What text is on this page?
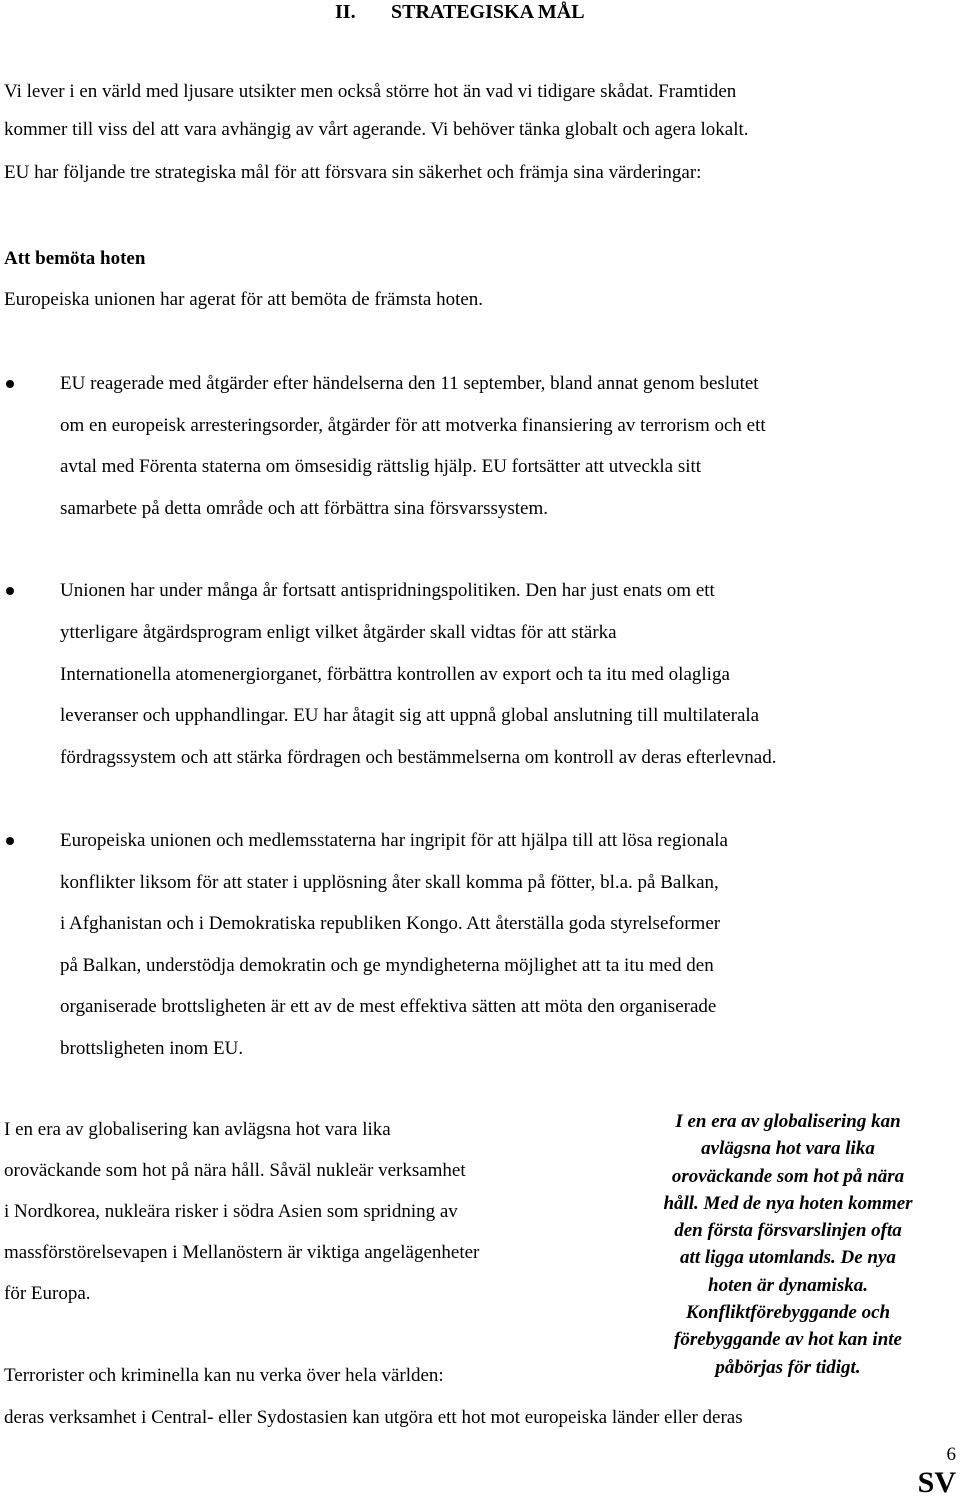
II. STRATEGISKA MÅL
Vi lever i en värld med ljusare utsikter men också större hot än vad vi tidigare skådat. Framtiden
kommer till viss del att vara avhängig av vårt agerande. Vi behöver tänka globalt och agera lokalt.
EU har följande tre strategiska mål för att försvara sin säkerhet och främja sina värderingar:
Att bemöta hoten
Europeiska unionen har agerat för att bemöta de främsta hoten.
EU reagerade med åtgärder efter händelserna den 11 september, bland annat genom beslutet
om en europeisk arresteringsorder, åtgärder för att motverka finansiering av terrorism och ett
avtal med Förenta staterna om ömsesidig rättslig hjälp. EU fortsätter att utveckla sitt
samarbete på detta område och att förbättra sina försvarssystem.
Unionen har under många år fortsatt antispridningspolitiken. Den har just enats om ett
ytterligare åtgärdsprogram enligt vilket åtgärder skall vidtas för att stärka
Internationella atomenergiorganet, förbättra kontrollen av export och ta itu med olagliga
leveranser och upphandlingar. EU har åtagit sig att uppnå global anslutning till multilaterala
fördragssystem och att stärka fördragen och bestämmelserna om kontroll av deras efterlevnad.
Europeiska unionen och medlemsstaterna har ingripit för att hjälpa till att lösa regionala
konflikter liksom för att stater i upplösning åter skall komma på fötter, bl.a. på Balkan,
i Afghanistan och i Demokratiska republiken Kongo. Att återställa goda styrelseformer
på Balkan, understödja demokratin och ge myndigheterna möjlighet att ta itu med den
organiserade brottsligheten är ett av de mest effektiva sätten att möta den organiserade
brottsligheten inom EU.
I en era av globalisering kan avlägsna hot vara lika
oroväckande som hot på nära håll. Såväl nukleär verksamhet
i Nordkorea, nukleära risker i södra Asien som spridning av
massförstörelsevapen i Mellanöstern är viktiga angelägenheter
för Europa.
I en era av globalisering kan
avlägsna hot vara lika
oroväckande som hot på nära
håll. Med de nya hoten kommer
den första försvarslinjen ofta
att ligga utomlands. De nya
hoten är dynamiska.
Konfliktförebyggande och
förebyggande av hot kan inte
påbörjas för tidigt.
Terrorister och kriminella kan nu verka över hela världen:
deras verksamhet i Central- eller Sydostasien kan utgöra ett hot mot europeiska länder eller deras
6
SV
